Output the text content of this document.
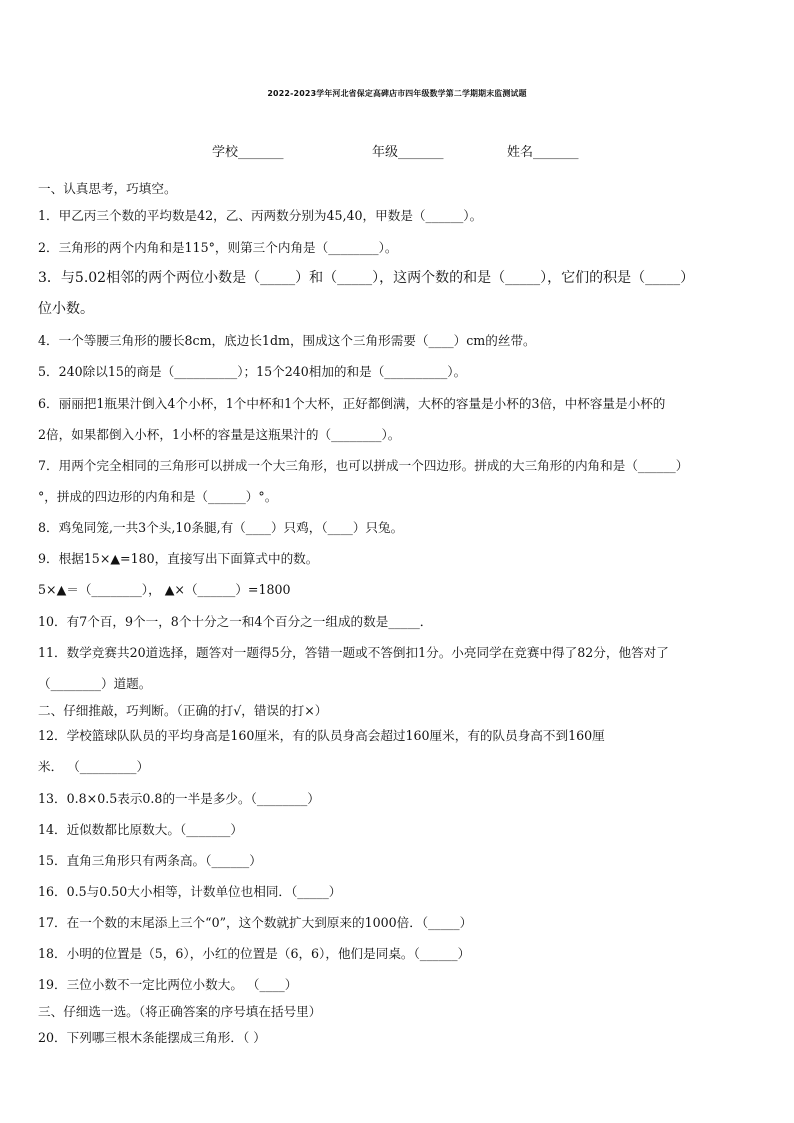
2022-2023学年河北省保定高碑店市四年级数学第二学期期末监测试题
学校_______	年级_______	姓名_______
一、认真思考，巧填空。
1．甲乙丙三个数的平均数是42，乙、丙两数分别为45,40，甲数是（______）。
2．三角形的两个内角和是115°，则第三个内角是（________）。
3．与5.02相邻的两个两位小数是（_____）和（_____），这两个数的和是（_____），它们的积是（_____）
位小数。
4．一个等腰三角形的腰长8cm，底边长1dm，围成这个三角形需要（____）cm的丝带。
5．240除以15的商是（__________）；15个240相加的和是（__________）。
6．丽丽把1瓶果汁倒入4个小杯，1个中杯和1个大杯，正好都倒满，大杯的容量是小杯的3倍，中杯容量是小杯的
2倍，如果都倒入小杯，1小杯的容量是这瓶果汁的（________）。
7．用两个完全相同的三角形可以拼成一个大三角形，也可以拼成一个四边形。拼成的大三角形的内角和是（______）
°，拼成的四边形的内角和是（______）°。
8．鸡兔同笼,一共3个头,10条腿,有（____）只鸡，（____）只兔。
9．根据15×▲=180，直接写出下面算式中的数。
5×▲＝（________）， ▲×（______）=1800
10．有7个百，9个一，8个十分之一和4个百分之一组成的数是_____．
11．数学竞赛共20道选择，题答对一题得5分，答错一题或不答倒扣1分。小亮同学在竞赛中得了82分，他答对了
（________）道题。
二、仔细推敲，巧判断。（正确的打√，错误的打×）
12．学校篮球队队员的平均身高是160厘米，有的队员身高会超过160厘米，有的队员身高不到160厘
米． （_________）
13．0.8×0.5表示0.8的一半是多少。（________）
14．近似数都比原数大。（_______）
15．直角三角形只有两条高。（______）
16．0.5与0.50大小相等，计数单位也相同．（_____）
17．在一个数的末尾添上三个“0”，这个数就扩大到原来的1000倍．（_____）
18．小明的位置是（5，6），小红的位置是（6，6），他们是同桌。（______）
19．三位小数不一定比两位小数大。 （____）
三、仔细选一选。（将正确答案的序号填在括号里）
20．下列哪三根木条能摆成三角形．（ ）
